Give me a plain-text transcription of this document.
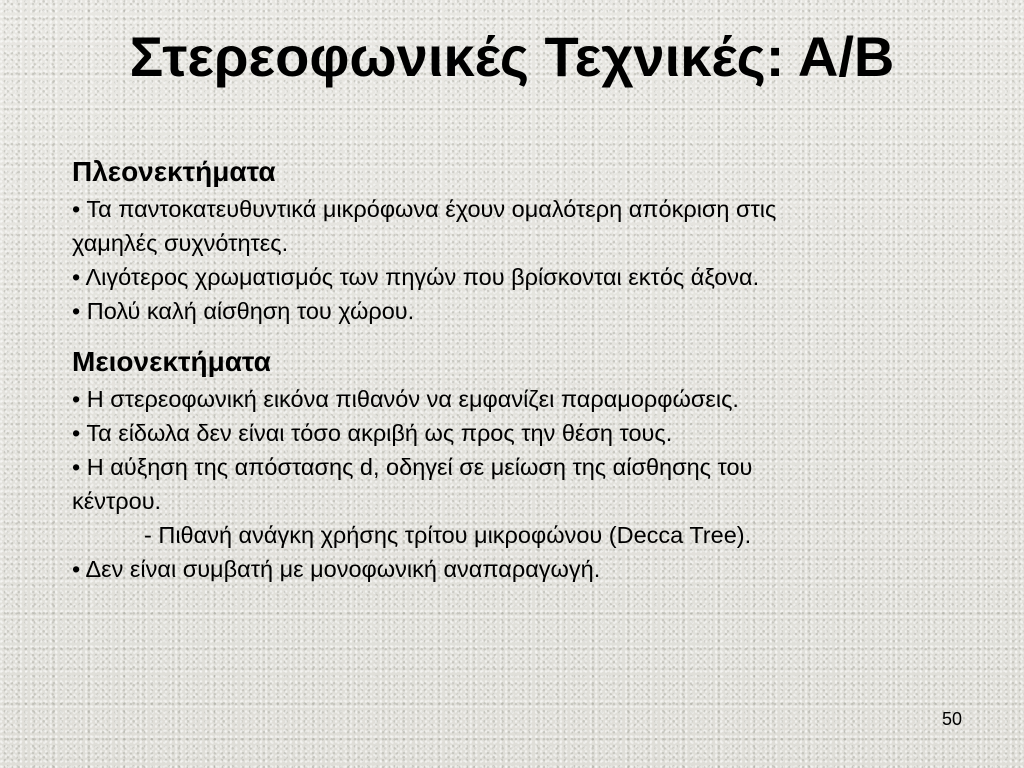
Στερεοφωνικές Τεχνικές: Α/Β

Πλεονεκτήματα

• Τα παντοκατευθυντικά μικρόφωνα έχουν ομαλότερη απόκριση στις

χαμηλές συχνότητες.

• Λιγότερος χρωματισμός των πηγών που βρίσκονται εκτός άξονα.

• Πολύ καλή αίσθηση του χώρου.

Μειονεκτήματα

• Η στερεοφωνική εικόνα πιθανόν να εμφανίζει παραμορφώσεις.

• Τα είδωλα δεν είναι τόσο ακριβή ως προς την θέση τους.

• Η αύξηση της απόστασης d, οδηγεί σε μείωση της αίσθησης του

κέντρου.

- Πιθανή ανάγκη χρήσης τρίτου μικροφώνου (Decca Tree).

• Δεν είναι συμβατή με μονοφωνική αναπαραγωγή.

50
